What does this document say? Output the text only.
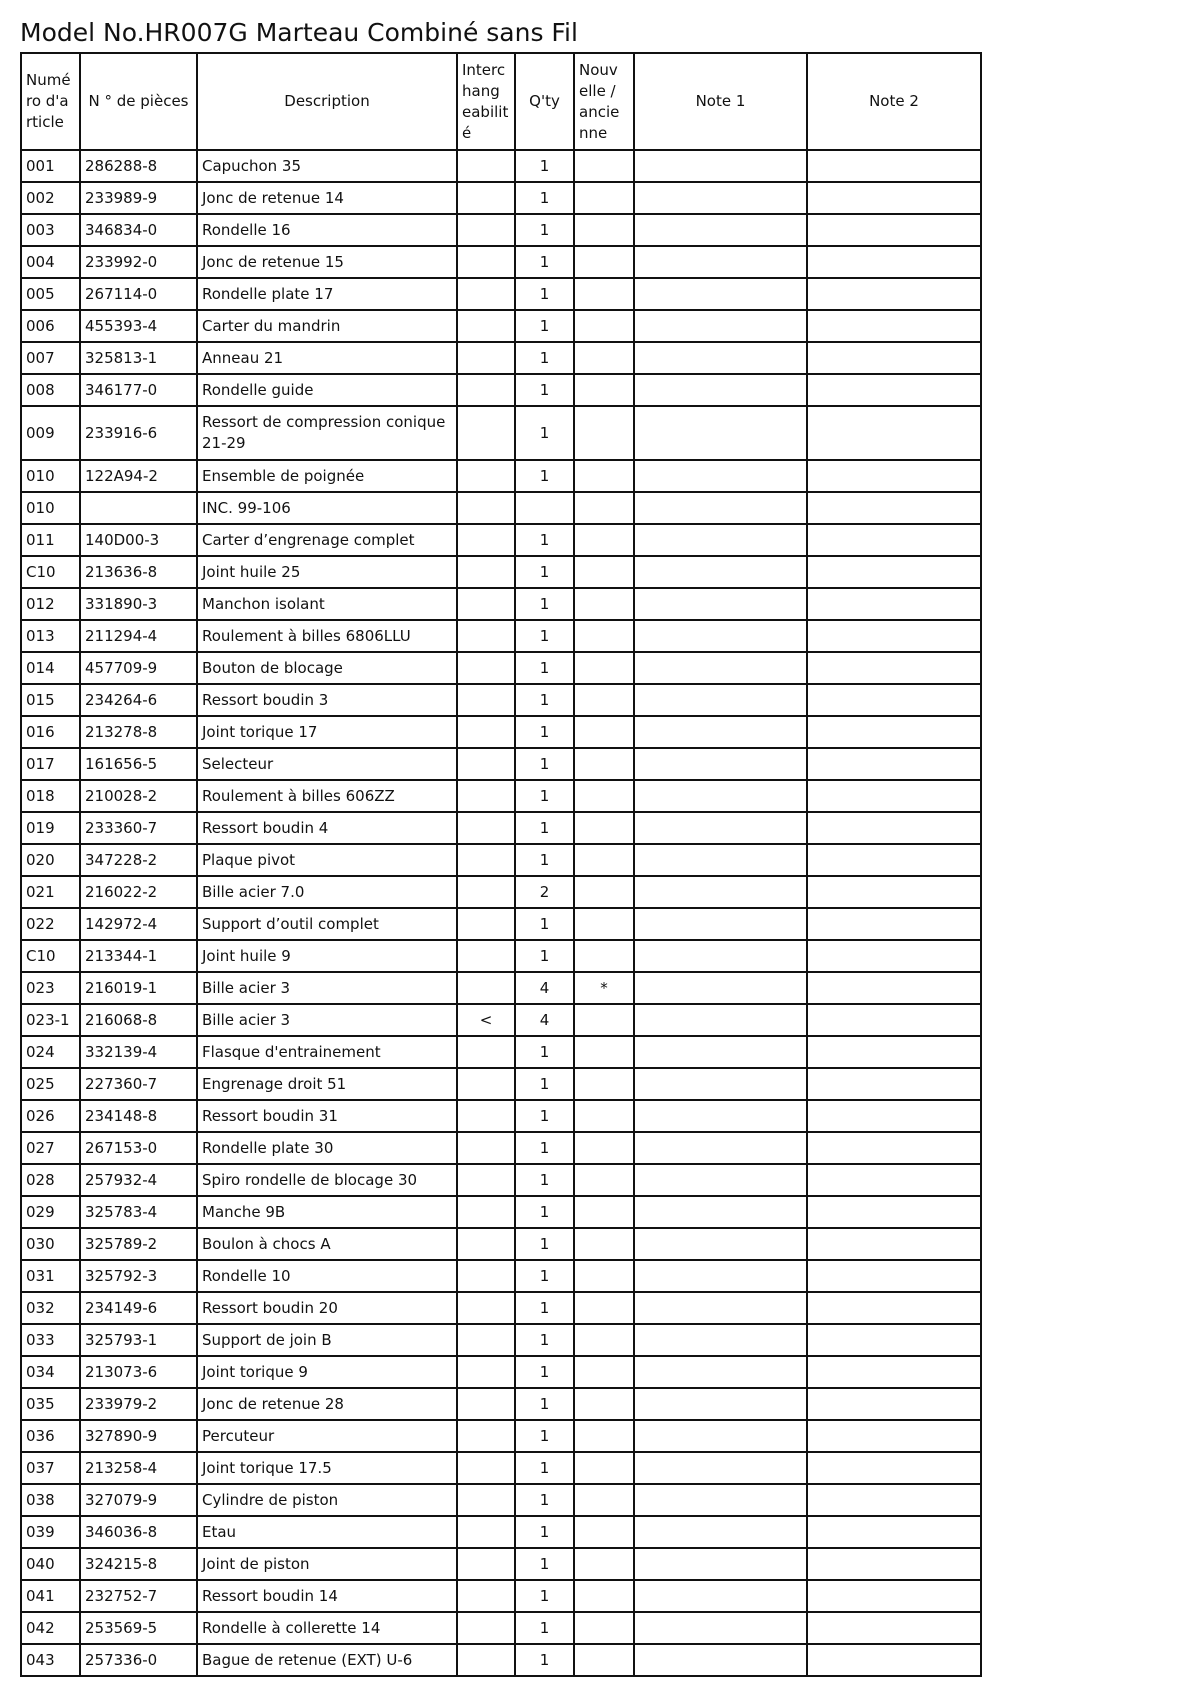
Model No.HR007G Marteau Combiné sans Fil
Numé
ro d'a
rticle	N ° de pièces	Description	Interc
hang
eabilit
é	Q'ty	Nouv
elle /
ancie
nne	Note 1	Note 2
001	286288-8	Capuchon 35		1			
002	233989-9	Jonc de retenue 14		1			
003	346834-0	Rondelle 16		1			
004	233992-0	Jonc de retenue 15		1			
005	267114-0	Rondelle plate 17		1			
006	455393-4	Carter du mandrin		1			
007	325813-1	Anneau 21		1			
008	346177-0	Rondelle guide		1			
009	233916-6	Ressort de compression conique 21-29		1			
010	122A94-2	Ensemble de poignée		1			
010		INC. 99-106					
011	140D00-3	Carter d’engrenage complet		1			
C10	213636-8	Joint huile 25		1			
012	331890-3	Manchon isolant		1			
013	211294-4	Roulement à billes 6806LLU		1			
014	457709-9	Bouton de blocage		1			
015	234264-6	Ressort boudin 3		1			
016	213278-8	Joint torique 17		1			
017	161656-5	Selecteur		1			
018	210028-2	Roulement à billes 606ZZ		1			
019	233360-7	Ressort boudin 4		1			
020	347228-2	Plaque pivot		1			
021	216022-2	Bille acier 7.0		2			
022	142972-4	Support d’outil complet		1			
C10	213344-1	Joint huile 9		1			
023	216019-1	Bille acier 3		4	*		
023-1	216068-8	Bille acier 3	<	4			
024	332139-4	Flasque d'entrainement		1			
025	227360-7	Engrenage droit 51		1			
026	234148-8	Ressort boudin 31		1			
027	267153-0	Rondelle plate 30		1			
028	257932-4	Spiro rondelle de blocage 30		1			
029	325783-4	Manche 9B		1			
030	325789-2	Boulon à chocs A		1			
031	325792-3	Rondelle 10		1			
032	234149-6	Ressort boudin 20		1			
033	325793-1	Support de join B		1			
034	213073-6	Joint torique 9		1			
035	233979-2	Jonc de retenue 28		1			
036	327890-9	Percuteur		1			
037	213258-4	Joint torique 17.5		1			
038	327079-9	Cylindre de piston		1			
039	346036-8	Etau		1			
040	324215-8	Joint de piston		1			
041	232752-7	Ressort boudin 14		1			
042	253569-5	Rondelle à collerette 14		1			
043	257336-0	Bague de retenue (EXT) U-6		1			
